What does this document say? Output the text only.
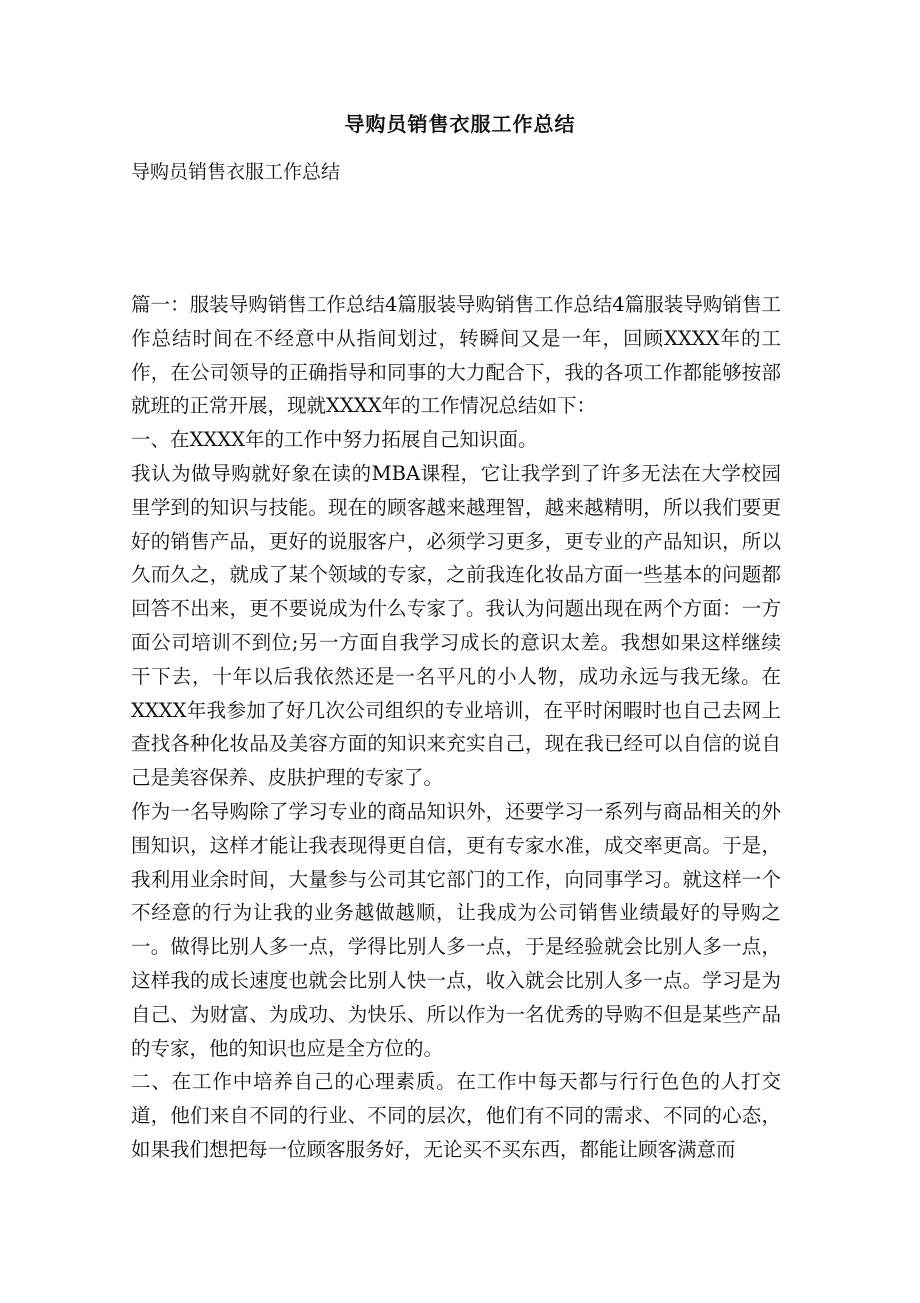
导购员销售衣服工作总结
导购员销售衣服工作总结

篇一：服装导购销售工作总结4篇服装导购销售工作总结4篇服装导购销售工作总结时间在不经意中从指间划过，转瞬间又是一年，回顾XXXX年的工作，在公司领导的正确指导和同事的大力配合下，我的各项工作都能够按部就班的正常开展，现就XXXX年的工作情况总结如下：

一、在XXXX年的工作中努力拓展自己知识面。

我认为做导购就好象在读的MBA课程，它让我学到了许多无法在大学校园里学到的知识与技能。现在的顾客越来越理智，越来越精明，所以我们要更好的销售产品，更好的说服客户，必须学习更多，更专业的产品知识，所以久而久之，就成了某个领域的专家，之前我连化妆品方面一些基本的问题都回答不出来，更不要说成为什么专家了。我认为问题出现在两个方面：一方面公司培训不到位;另一方面自我学习成长的意识太差。我想如果这样继续干下去，十年以后我依然还是一名平凡的小人物，成功永远与我无缘。在XXXX年我参加了好几次公司组织的专业培训，在平时闲暇时也自己去网上查找各种化妆品及美容方面的知识来充实自己，现在我已经可以自信的说自己是美容保养、皮肤护理的专家了。

作为一名导购除了学习专业的商品知识外，还要学习一系列与商品相关的外围知识，这样才能让我表现得更自信，更有专家水准，成交率更高。于是，我利用业余时间，大量参与公司其它部门的工作，向同事学习。就这样一个不经意的行为让我的业务越做越顺，让我成为公司销售业绩最好的导购之一。做得比别人多一点，学得比别人多一点，于是经验就会比别人多一点，这样我的成长速度也就会比别人快一点，收入就会比别人多一点。学习是为自己、为财富、为成功、为快乐、所以作为一名优秀的导购不但是某些产品的专家，他的知识也应是全方位的。

二、在工作中培养自己的心理素质。在工作中每天都与行行色色的人打交道，他们来自不同的行业、不同的层次，他们有不同的需求、不同的心态，如果我们想把每一位顾客服务好，无论买不买东西，都能让顾客满意而
